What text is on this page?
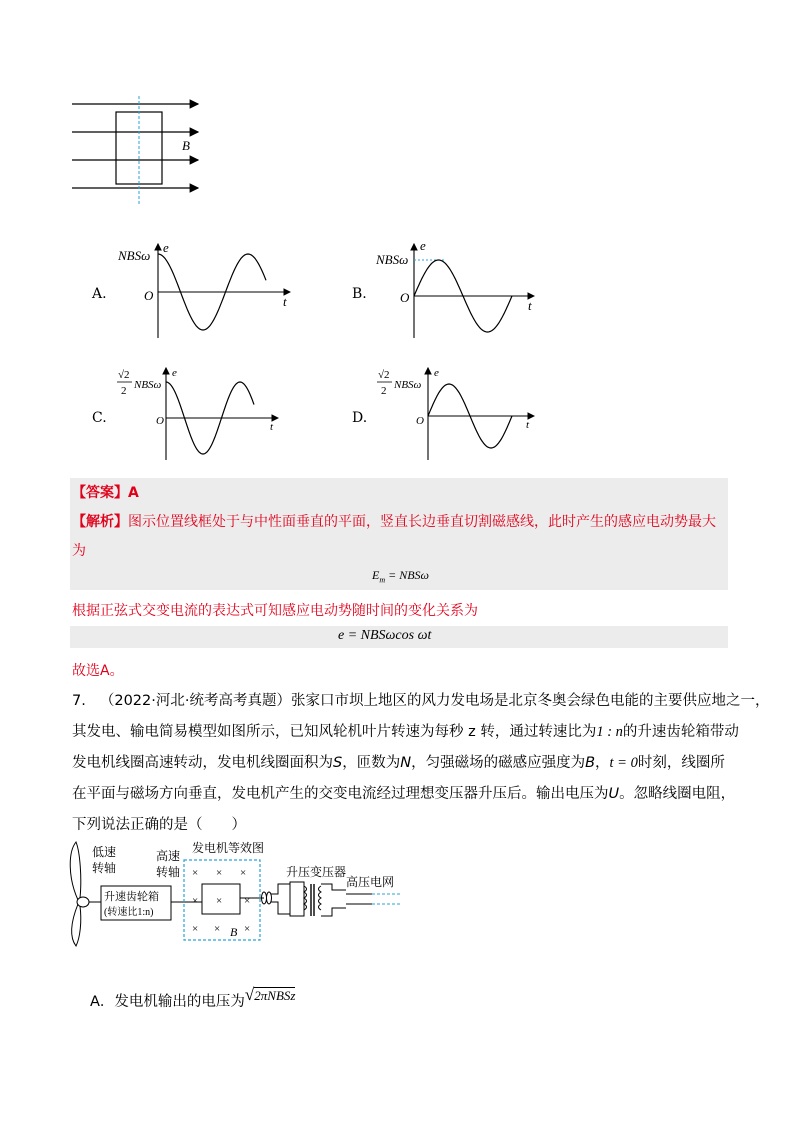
B
A.
NBSω
O
e
t	B.
NBSω
O
e
t
C.
√2
2 NBSω
O
e
t
D.
√2
2 NBSω
O
e
t
【答案】A
【解析】图示位置线框处于与中性面垂直的平面，竖直长边垂直切割磁感线，此时产生的感应电动势最大
为
$E_m = NBS\omega$
根据正弦式交变电流的表达式可知感应电动势随时间的变化关系为
e = NBSωcos ωt
故选A。
7. （2022·河北·统考高考真题）张家口市坝上地区的风力发电场是北京冬奥会绿色电能的主要供应地之一，
其发电、输电简易模型如图所示，已知风轮机叶片转速为每秒 z 转，通过转速比为1 : n的升速齿轮箱带动
发电机线圈高速转动，发电机线圈面积为S，匝数为N，匀强磁场的磁感应强度为B，t = 0时刻，线圈所
在平面与磁场方向垂直，发电机产生的交变电流经过理想变压器升压后。输出电压为U。忽略线圈电阻，
下列说法正确的是（　　）
低速
转轴
升速齿轮箱
(转速比1:n)
高速
转轴
发电机等效图
× × ×
× × ×
× × B ×
升压变压器
高压电网
A．发电机输出的电压为√2πNBSz
